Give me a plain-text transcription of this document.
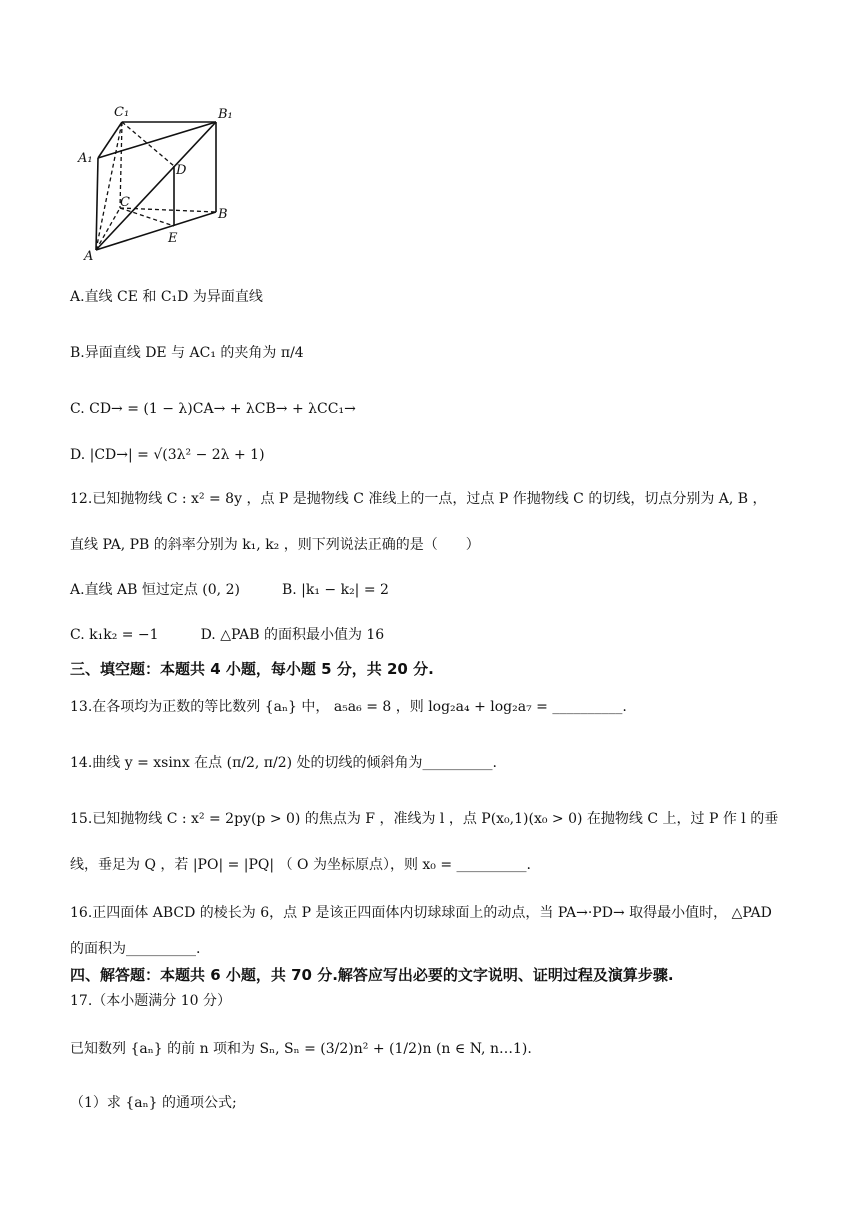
C₁	B₁
A₁
D
C
B
E
A
A.直线 CE 和 C₁D 为异面直线
B.异面直线 DE 与 AC₁ 的夹角为 π/4
C. CD→ = (1 − λ)CA→ + λCB→ + λCC₁→
D. |CD→| = √(3λ² − 2λ + 1)
12.已知抛物线 C : x² = 8y ，点 P 是抛物线 C 准线上的一点，过点 P 作抛物线 C 的切线，切点分别为 A, B ，
直线 PA, PB 的斜率分别为 k₁, k₂ ，则下列说法正确的是（　　）
A.直线 AB 恒过定点 (0, 2)　　　B. |k₁ − k₂| = 2
C. k₁k₂ = −1　　　D. △PAB 的面积最小值为 16
三、填空题：本题共 4 小题，每小题 5 分，共 20 分.
13.在各项均为正数的等比数列 {aₙ} 中， a₅a₆ = 8 ，则 log₂a₄ + log₂a₇ = __________.
14.曲线 y = xsinx 在点 (π/2, π/2) 处的切线的倾斜角为__________.
15.已知抛物线 C : x² = 2py(p > 0) 的焦点为 F ，准线为 l ，点 P(x₀,1)(x₀ > 0) 在抛物线 C 上，过 P 作 l 的垂
线，垂足为 Q ，若 |PO| = |PQ| （ O 为坐标原点），则 x₀ = __________.
16.正四面体 ABCD 的棱长为 6，点 P 是该正四面体内切球球面上的动点，当 PA→·PD→ 取得最小值时， △PAD
的面积为__________.
四、解答题：本题共 6 小题，共 70 分.解答应写出必要的文字说明、证明过程及演算步骤.
17.（本小题满分 10 分）
已知数列 {aₙ} 的前 n 项和为 Sₙ, Sₙ = (3/2)n² + (1/2)n (n ∈ N, n…1).
（1）求 {aₙ} 的通项公式;
